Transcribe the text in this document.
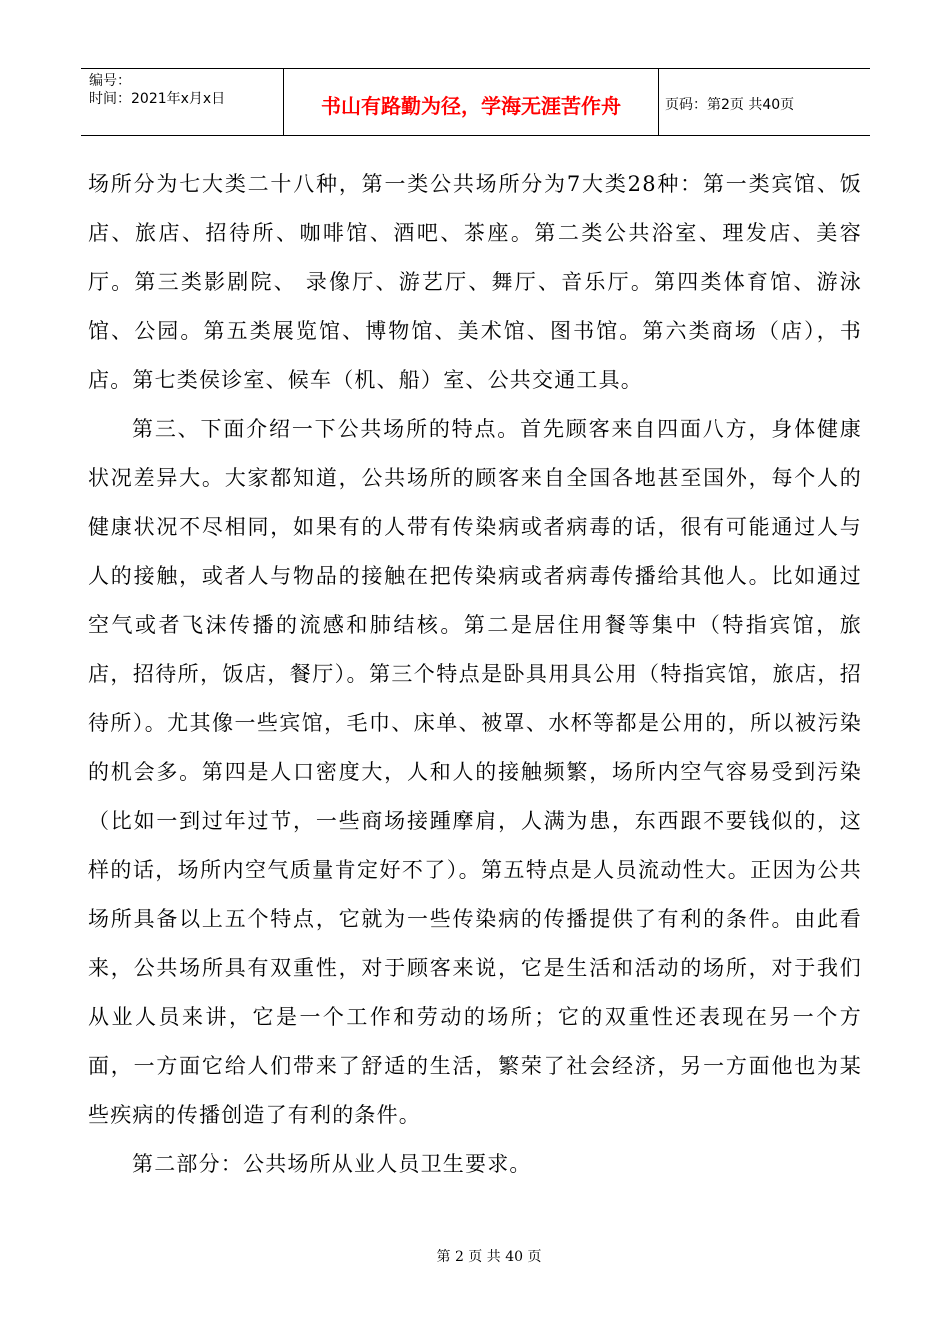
编号：
时间：2021年x月x日	书山有路勤为径，学海无涯苦作舟	页码：第2页 共40页

场所分为七大类二十八种，第一类公共场所分为7大类28种：第一类宾馆、饭店、旅店、招待所、咖啡馆、酒吧、茶座。第二类公共浴室、理发店、美容厅。第三类影剧院、 录像厅、游艺厅、舞厅、音乐厅。第四类体育馆、游泳馆、公园。第五类展览馆、博物馆、美术馆、图书馆。第六类商场（店），书店。第七类侯诊室、候车（机、船）室、公共交通工具。

第三、下面介绍一下公共场所的特点。首先顾客来自四面八方，身体健康状况差异大。大家都知道，公共场所的顾客来自全国各地甚至国外，每个人的健康状况不尽相同，如果有的人带有传染病或者病毒的话，很有可能通过人与人的接触，或者人与物品的接触在把传染病或者病毒传播给其他人。比如通过空气或者飞沫传播的流感和肺结核。第二是居住用餐等集中（特指宾馆，旅店，招待所，饭店，餐厅）。第三个特点是卧具用具公用（特指宾馆，旅店，招待所）。尤其像一些宾馆，毛巾、床单、被罩、水杯等都是公用的，所以被污染的机会多。第四是人口密度大，人和人的接触频繁，场所内空气容易受到污染（比如一到过年过节，一些商场接踵摩肩，人满为患，东西跟不要钱似的，这样的话，场所内空气质量肯定好不了）。第五特点是人员流动性大。正因为公共场所具备以上五个特点，它就为一些传染病的传播提供了有利的条件。由此看来，公共场所具有双重性，对于顾客来说，它是生活和活动的场所，对于我们从业人员来讲，它是一个工作和劳动的场所；它的双重性还表现在另一个方面，一方面它给人们带来了舒适的生活，繁荣了社会经济，另一方面他也为某些疾病的传播创造了有利的条件。

第二部分：公共场所从业人员卫生要求。

第 2 页 共 40 页
